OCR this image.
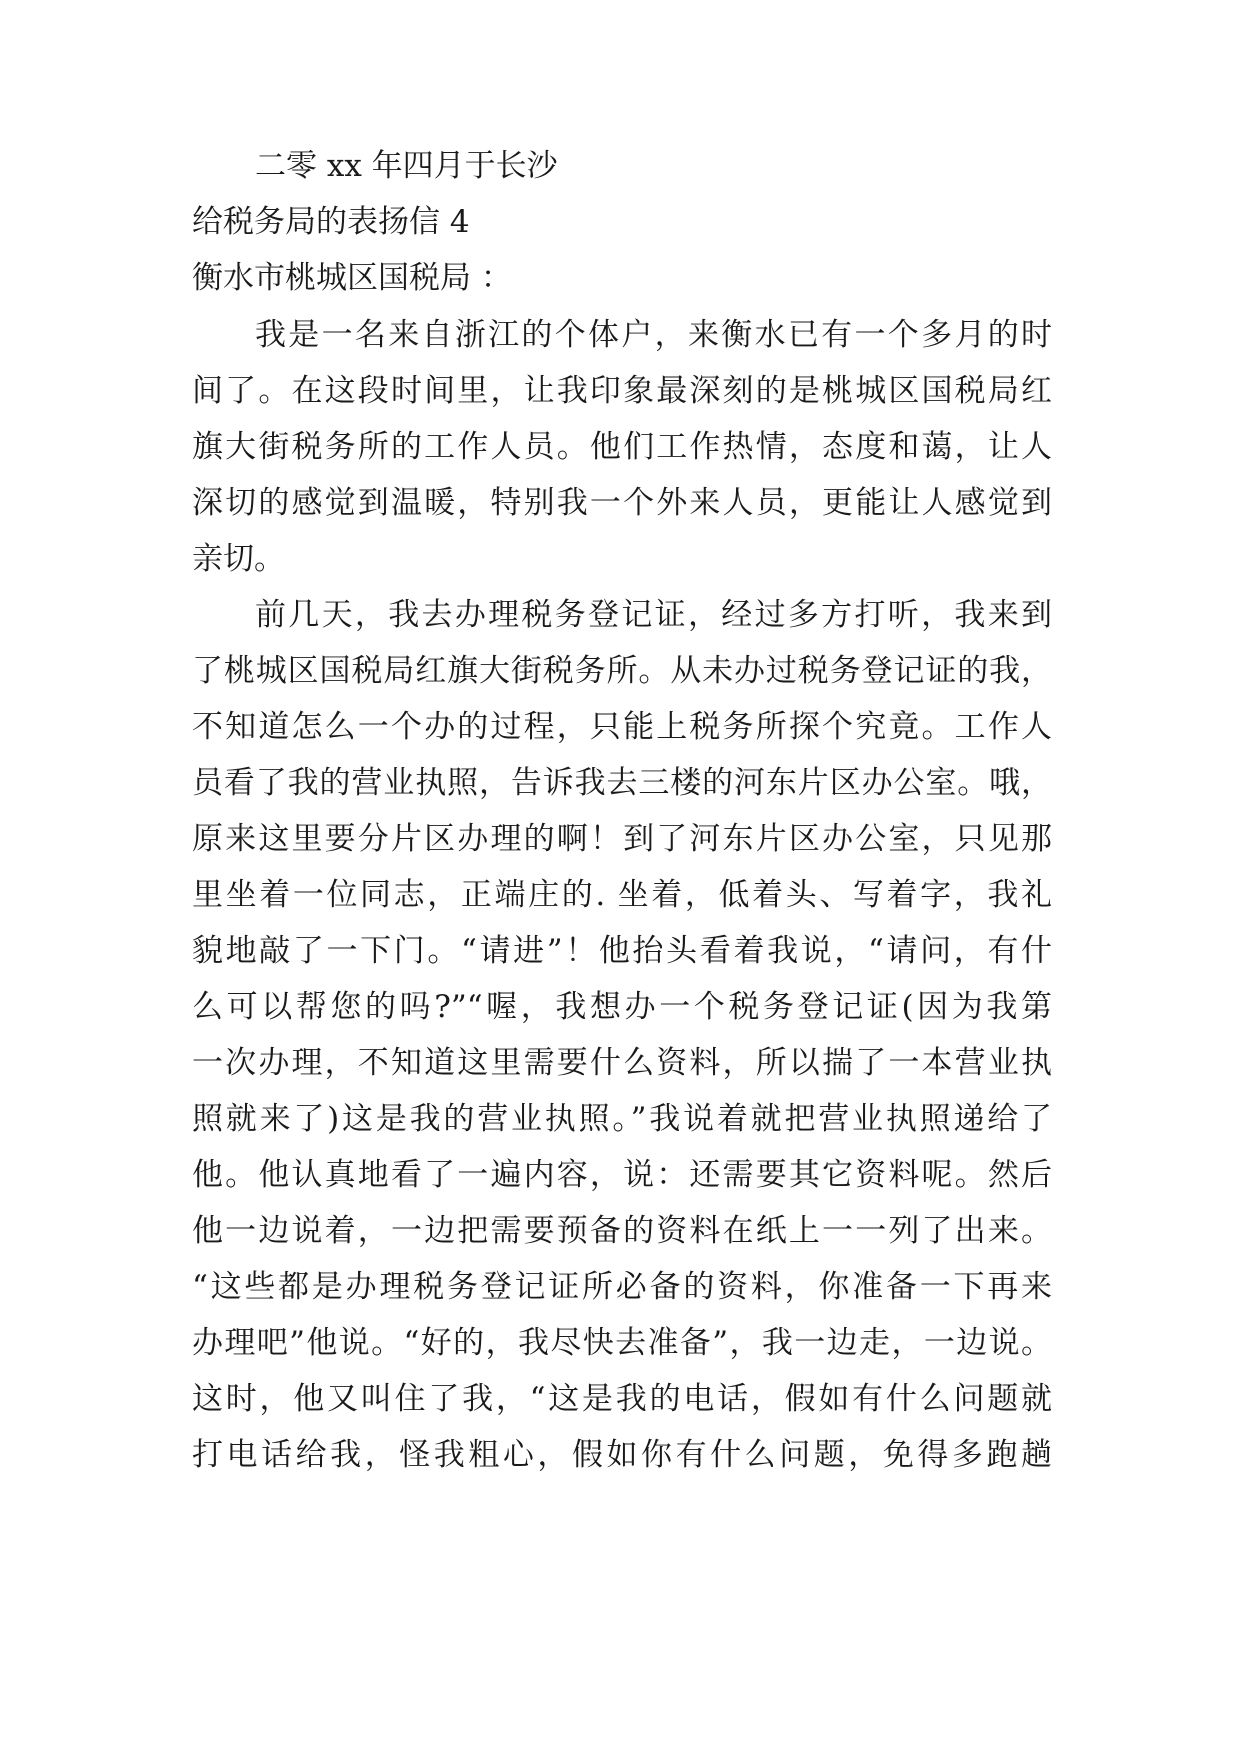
二零 xx 年四月于长沙
给税务局的表扬信 4
衡水市桃城区国税局 ：
我是一名来自浙江的个体户，来衡水已有一个多月的时
间了。在这段时间里，让我印象最深刻的是桃城区国税局红
旗大街税务所的工作人员。他们工作热情，态度和蔼，让人
深切的感觉到温暖，特别我一个外来人员，更能让人感觉到
亲切。
前几天，我去办理税务登记证，经过多方打听，我来到
了桃城区国税局红旗大街税务所。从未办过税务登记证的我，
不知道怎么一个办的过程，只能上税务所探个究竟。工作人
员看了我的营业执照，告诉我去三楼的河东片区办公室。哦，
原来这里要分片区办理的啊！到了河东片区办公室，只见那
里坐着一位同志，正端庄的. 坐着，低着头、写着字，我礼
貌地敲了一下门。“请进”！他抬头看着我说，“请问，有什
么可以帮您的吗?”“喔，我想办一个税务登记证(因为我第
一次办理，不知道这里需要什么资料，所以揣了一本营业执
照就来了)这是我的营业执照。”我说着就把营业执照递给了
他。他认真地看了一遍内容，说：还需要其它资料呢。然后
他一边说着，一边把需要预备的资料在纸上一一列了出来。
“这些都是办理税务登记证所必备的资料，你准备一下再来
办理吧”他说。“好的，我尽快去准备”，我一边走，一边说。
这时，他又叫住了我，“这是我的电话，假如有什么问题就
打电话给我，怪我粗心，假如你有什么问题，免得多跑趟
